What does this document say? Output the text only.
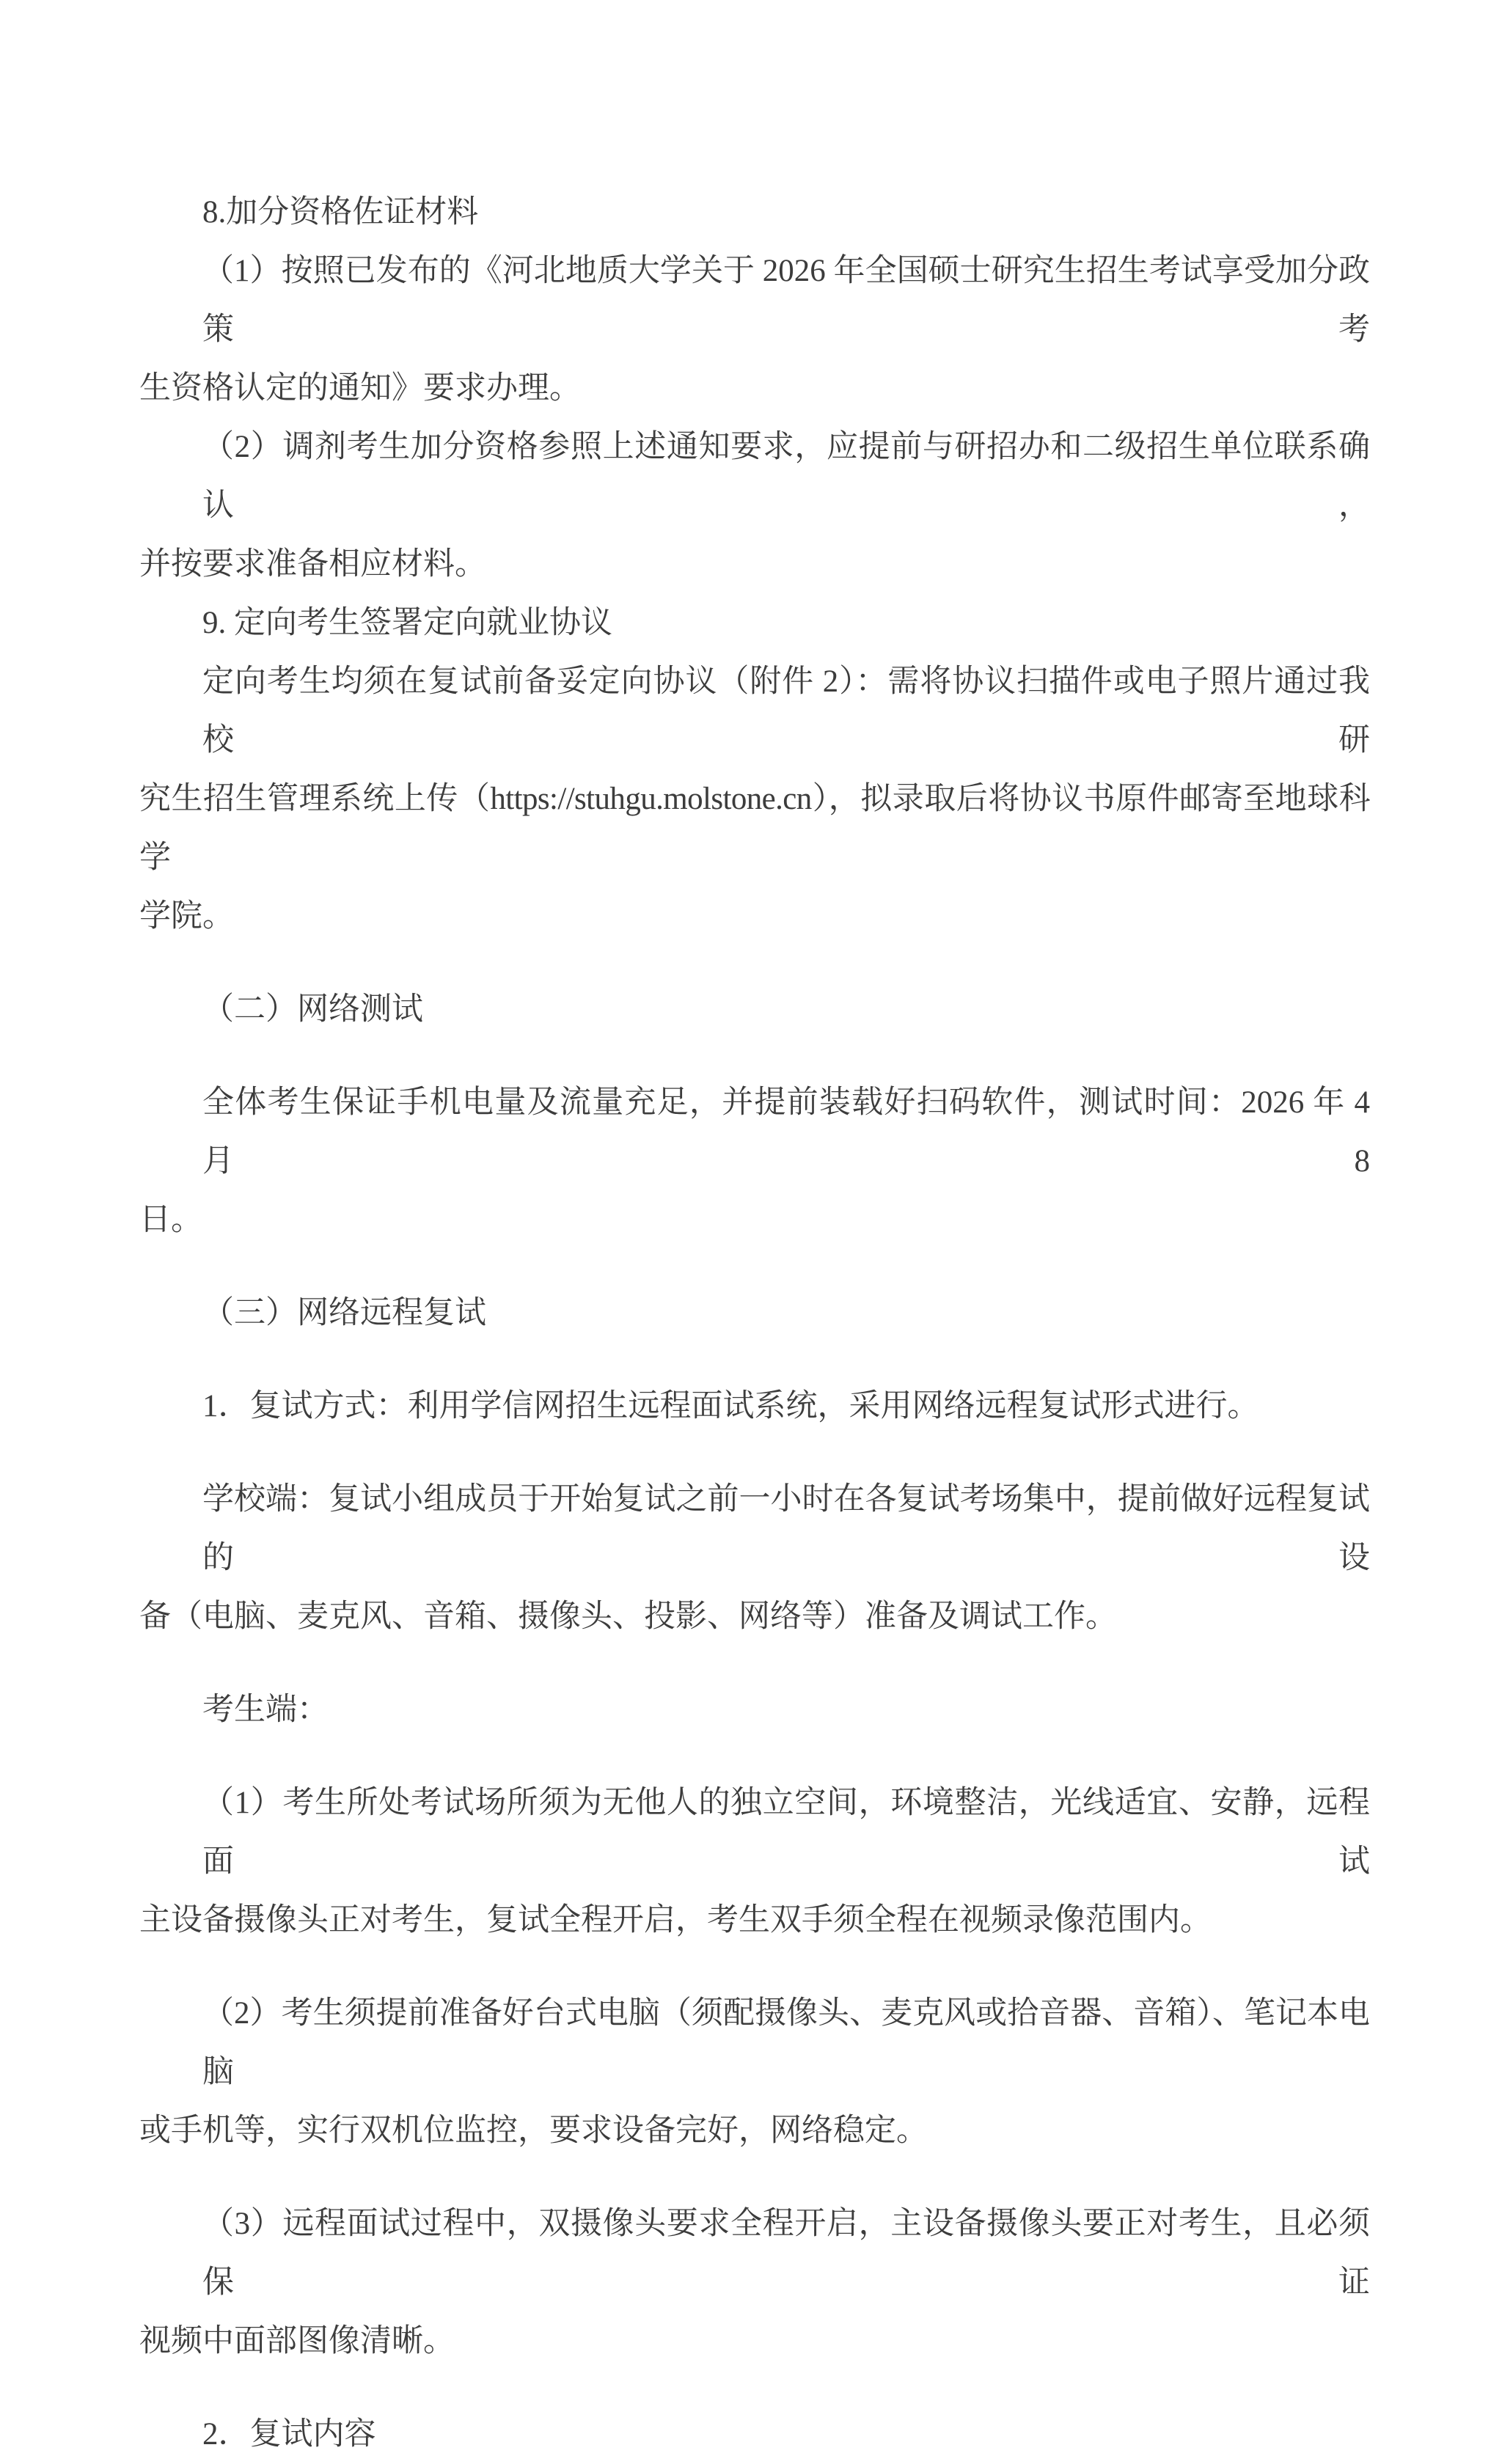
8.加分资格佐证材料
（1）按照已发布的《河北地质大学关于 2026 年全国硕士研究生招生考试享受加分政策考
生资格认定的通知》要求办理。
（2）调剂考生加分资格参照上述通知要求，应提前与研招办和二级招生单位联系确认，
并按要求准备相应材料。
9. 定向考生签署定向就业协议
定向考生均须在复试前备妥定向协议（附件 2）：需将协议扫描件或电子照片通过我校研
究生招生管理系统上传（https://stuhgu.molstone.cn），拟录取后将协议书原件邮寄至地球科学
学院。
（二）网络测试
全体考生保证手机电量及流量充足，并提前装载好扫码软件，测试时间：2026 年 4 月 8
日。
（三）网络远程复试
1．复试方式：利用学信网招生远程面试系统，采用网络远程复试形式进行。
学校端：复试小组成员于开始复试之前一小时在各复试考场集中，提前做好远程复试的设
备（电脑、麦克风、音箱、摄像头、投影、网络等）准备及调试工作。
考生端：
（1）考生所处考试场所须为无他人的独立空间，环境整洁，光线适宜、安静，远程面试
主设备摄像头正对考生，复试全程开启，考生双手须全程在视频录像范围内。
（2）考生须提前准备好台式电脑（须配摄像头、麦克风或拾音器、音箱）、笔记本电脑
或手机等，实行双机位监控，要求设备完好，网络稳定。
（3）远程面试过程中，双摄像头要求全程开启，主设备摄像头要正对考生，且必须保证
视频中面部图像清晰。
2．复试内容
